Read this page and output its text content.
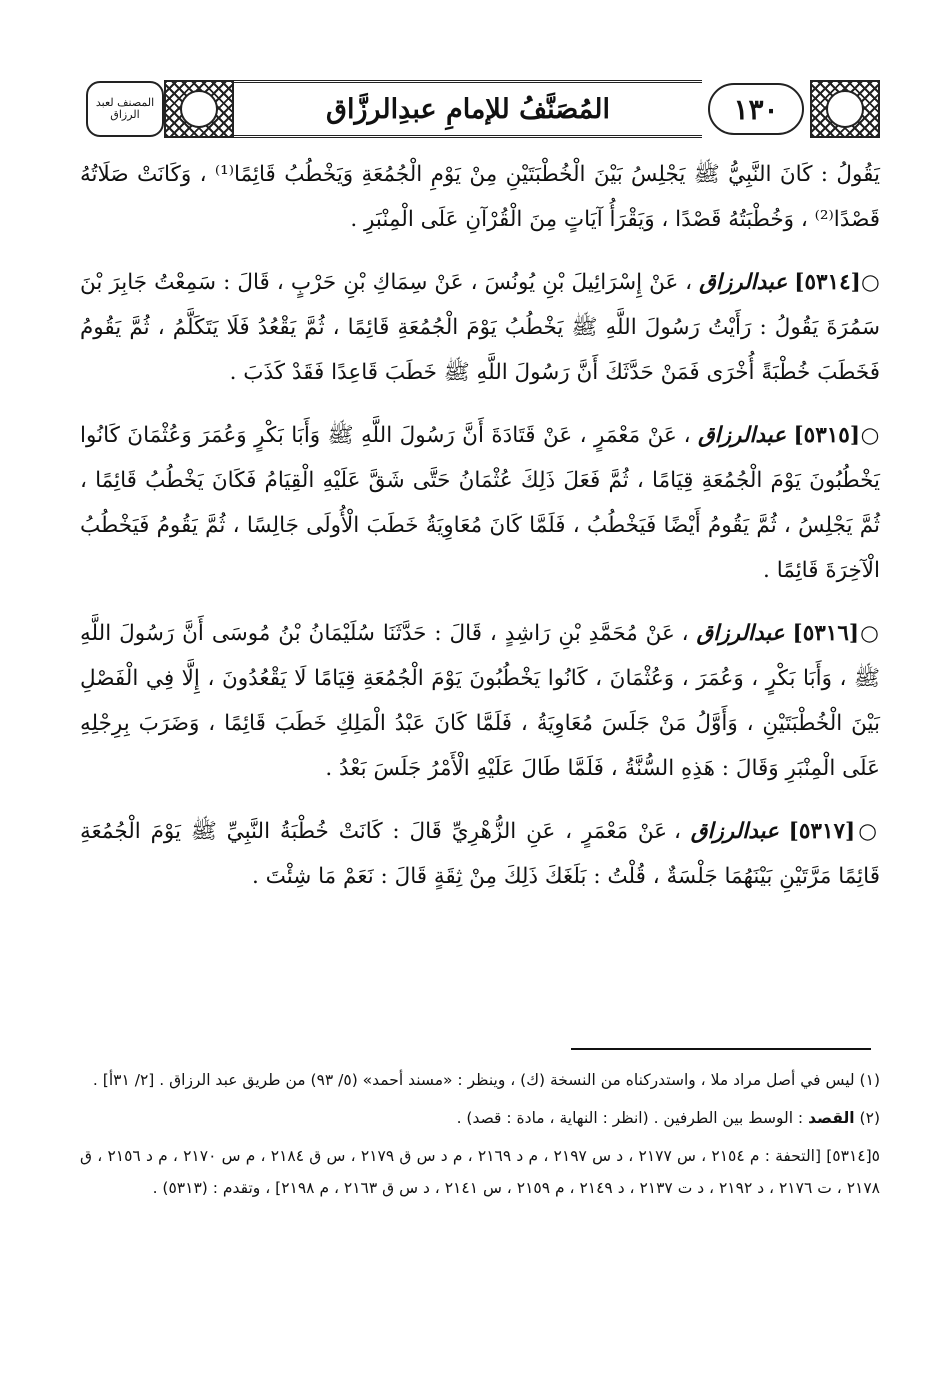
١٣٠
المُصَنَّفُ للإمامِ عبدِالرزَّاق
المصنف لعبد الرزاق

يَقُولُ : كَانَ النَّبِيُّ ﷺ يَجْلِسُ بَيْنَ الْخُطْبَتَيْنِ مِنْ يَوْمِ الْجُمُعَةِ وَيَخْطُبُ قَائِمًا⁽¹⁾ ، وَكَانَتْ صَلَاتُهُ قَصْدًا⁽²⁾ ، وَخُطْبَتُهُ قَصْدًا ، وَيَقْرَأُ آيَاتٍ مِنَ الْقُرْآنِ عَلَى الْمِنْبَرِ .

○[٥٣١٤] عبدالرزاق ، عَنْ إِسْرَائِيلَ بْنِ يُونُسَ ، عَنْ سِمَاكِ بْنِ حَرْبٍ ، قَالَ : سَمِعْتُ جَابِرَ بْنَ سَمُرَةَ يَقُولُ : رَأَيْتُ رَسُولَ اللَّهِ ﷺ يَخْطُبُ يَوْمَ الْجُمُعَةِ قَائِمًا ، ثُمَّ يَقْعُدُ فَلَا يَتَكَلَّمُ ، ثُمَّ يَقُومُ فَخَطَبَ خُطْبَةً أُخْرَى فَمَنْ حَدَّثَكَ أَنَّ رَسُولَ اللَّهِ ﷺ خَطَبَ قَاعِدًا فَقَدْ كَذَبَ .

○[٥٣١٥] عبدالرزاق ، عَنْ مَعْمَرٍ ، عَنْ قَتَادَةَ أَنَّ رَسُولَ اللَّهِ ﷺ وَأَبَا بَكْرٍ وَعُمَرَ وَعُثْمَانَ كَانُوا يَخْطُبُونَ يَوْمَ الْجُمُعَةِ قِيَامًا ، ثُمَّ فَعَلَ ذَلِكَ عُثْمَانُ حَتَّى شَقَّ عَلَيْهِ الْقِيَامُ فَكَانَ يَخْطُبُ قَائِمًا ، ثُمَّ يَجْلِسُ ، ثُمَّ يَقُومُ أَيْضًا فَيَخْطُبُ ، فَلَمَّا كَانَ مُعَاوِيَةُ خَطَبَ الْأُولَى جَالِسًا ، ثُمَّ يَقُومُ فَيَخْطُبُ الْآخِرَةَ قَائِمًا .

○[٥٣١٦] عبدالرزاق ، عَنْ مُحَمَّدِ بْنِ رَاشِدٍ ، قَالَ : حَدَّثَنَا سُلَيْمَانُ بْنُ مُوسَى أَنَّ رَسُولَ اللَّهِ ﷺ ، وَأَبَا بَكْرٍ ، وَعُمَرَ ، وَعُثْمَانَ ، كَانُوا يَخْطُبُونَ يَوْمَ الْجُمُعَةِ قِيَامًا لَا يَقْعُدُونَ ، إِلَّا فِي الْفَصْلِ بَيْنَ الْخُطْبَتَيْنِ ، وَأَوَّلُ مَنْ جَلَسَ مُعَاوِيَةُ ، فَلَمَّا كَانَ عَبْدُ الْمَلِكِ خَطَبَ قَائِمًا ، وَضَرَبَ بِرِجْلِهِ عَلَى الْمِنْبَرِ وَقَالَ : هَذِهِ السُّنَّةُ ، فَلَمَّا طَالَ عَلَيْهِ الْأَمْرُ جَلَسَ بَعْدُ .

○[٥٣١٧] عبدالرزاق ، عَنْ مَعْمَرٍ ، عَنِ الزُّهْرِيِّ قَالَ : كَانَتْ خُطْبَةُ النَّبِيِّ ﷺ يَوْمَ الْجُمُعَةِ قَائِمًا مَرَّتَيْنِ بَيْنَهُمَا جَلْسَةٌ ، قُلْتُ : بَلَغَكَ ذَلِكَ مِنْ ثِقَةٍ قَالَ : نَعَمْ مَا شِئْتَ .

(١) ليس في أصل مراد ملا ، واستدركناه من النسخة (ك) ، وينظر : «مسند أحمد» (٥/ ٩٣) من طريق عبد الرزاق . [٢/ ٣١أ] .

(٢) القصد : الوسط بين الطرفين . (انظر : النهاية ، مادة : قصد) .

٥[٥٣١٤] [التحفة : م ٢١٥٤ ، س ٢١٧٧ ، د س ٢١٩٧ ، م د ٢١٦٩ ، م د س ق ٢١٧٩ ، س ق ٢١٨٤ ، م س ٢١٧٠ ، م د ٢١٥٦ ، ق ٢١٧٨ ، ت ٢١٧٦ ، د ٢١٩٢ ، د ت ٢١٣٧ ، د ٢١٤٩ ، م ٢١٥٩ ، س ٢١٤١ ، د س ق ٢١٦٣ ، م ٢١٩٨] ، وتقدم : (٥٣١٣) .
